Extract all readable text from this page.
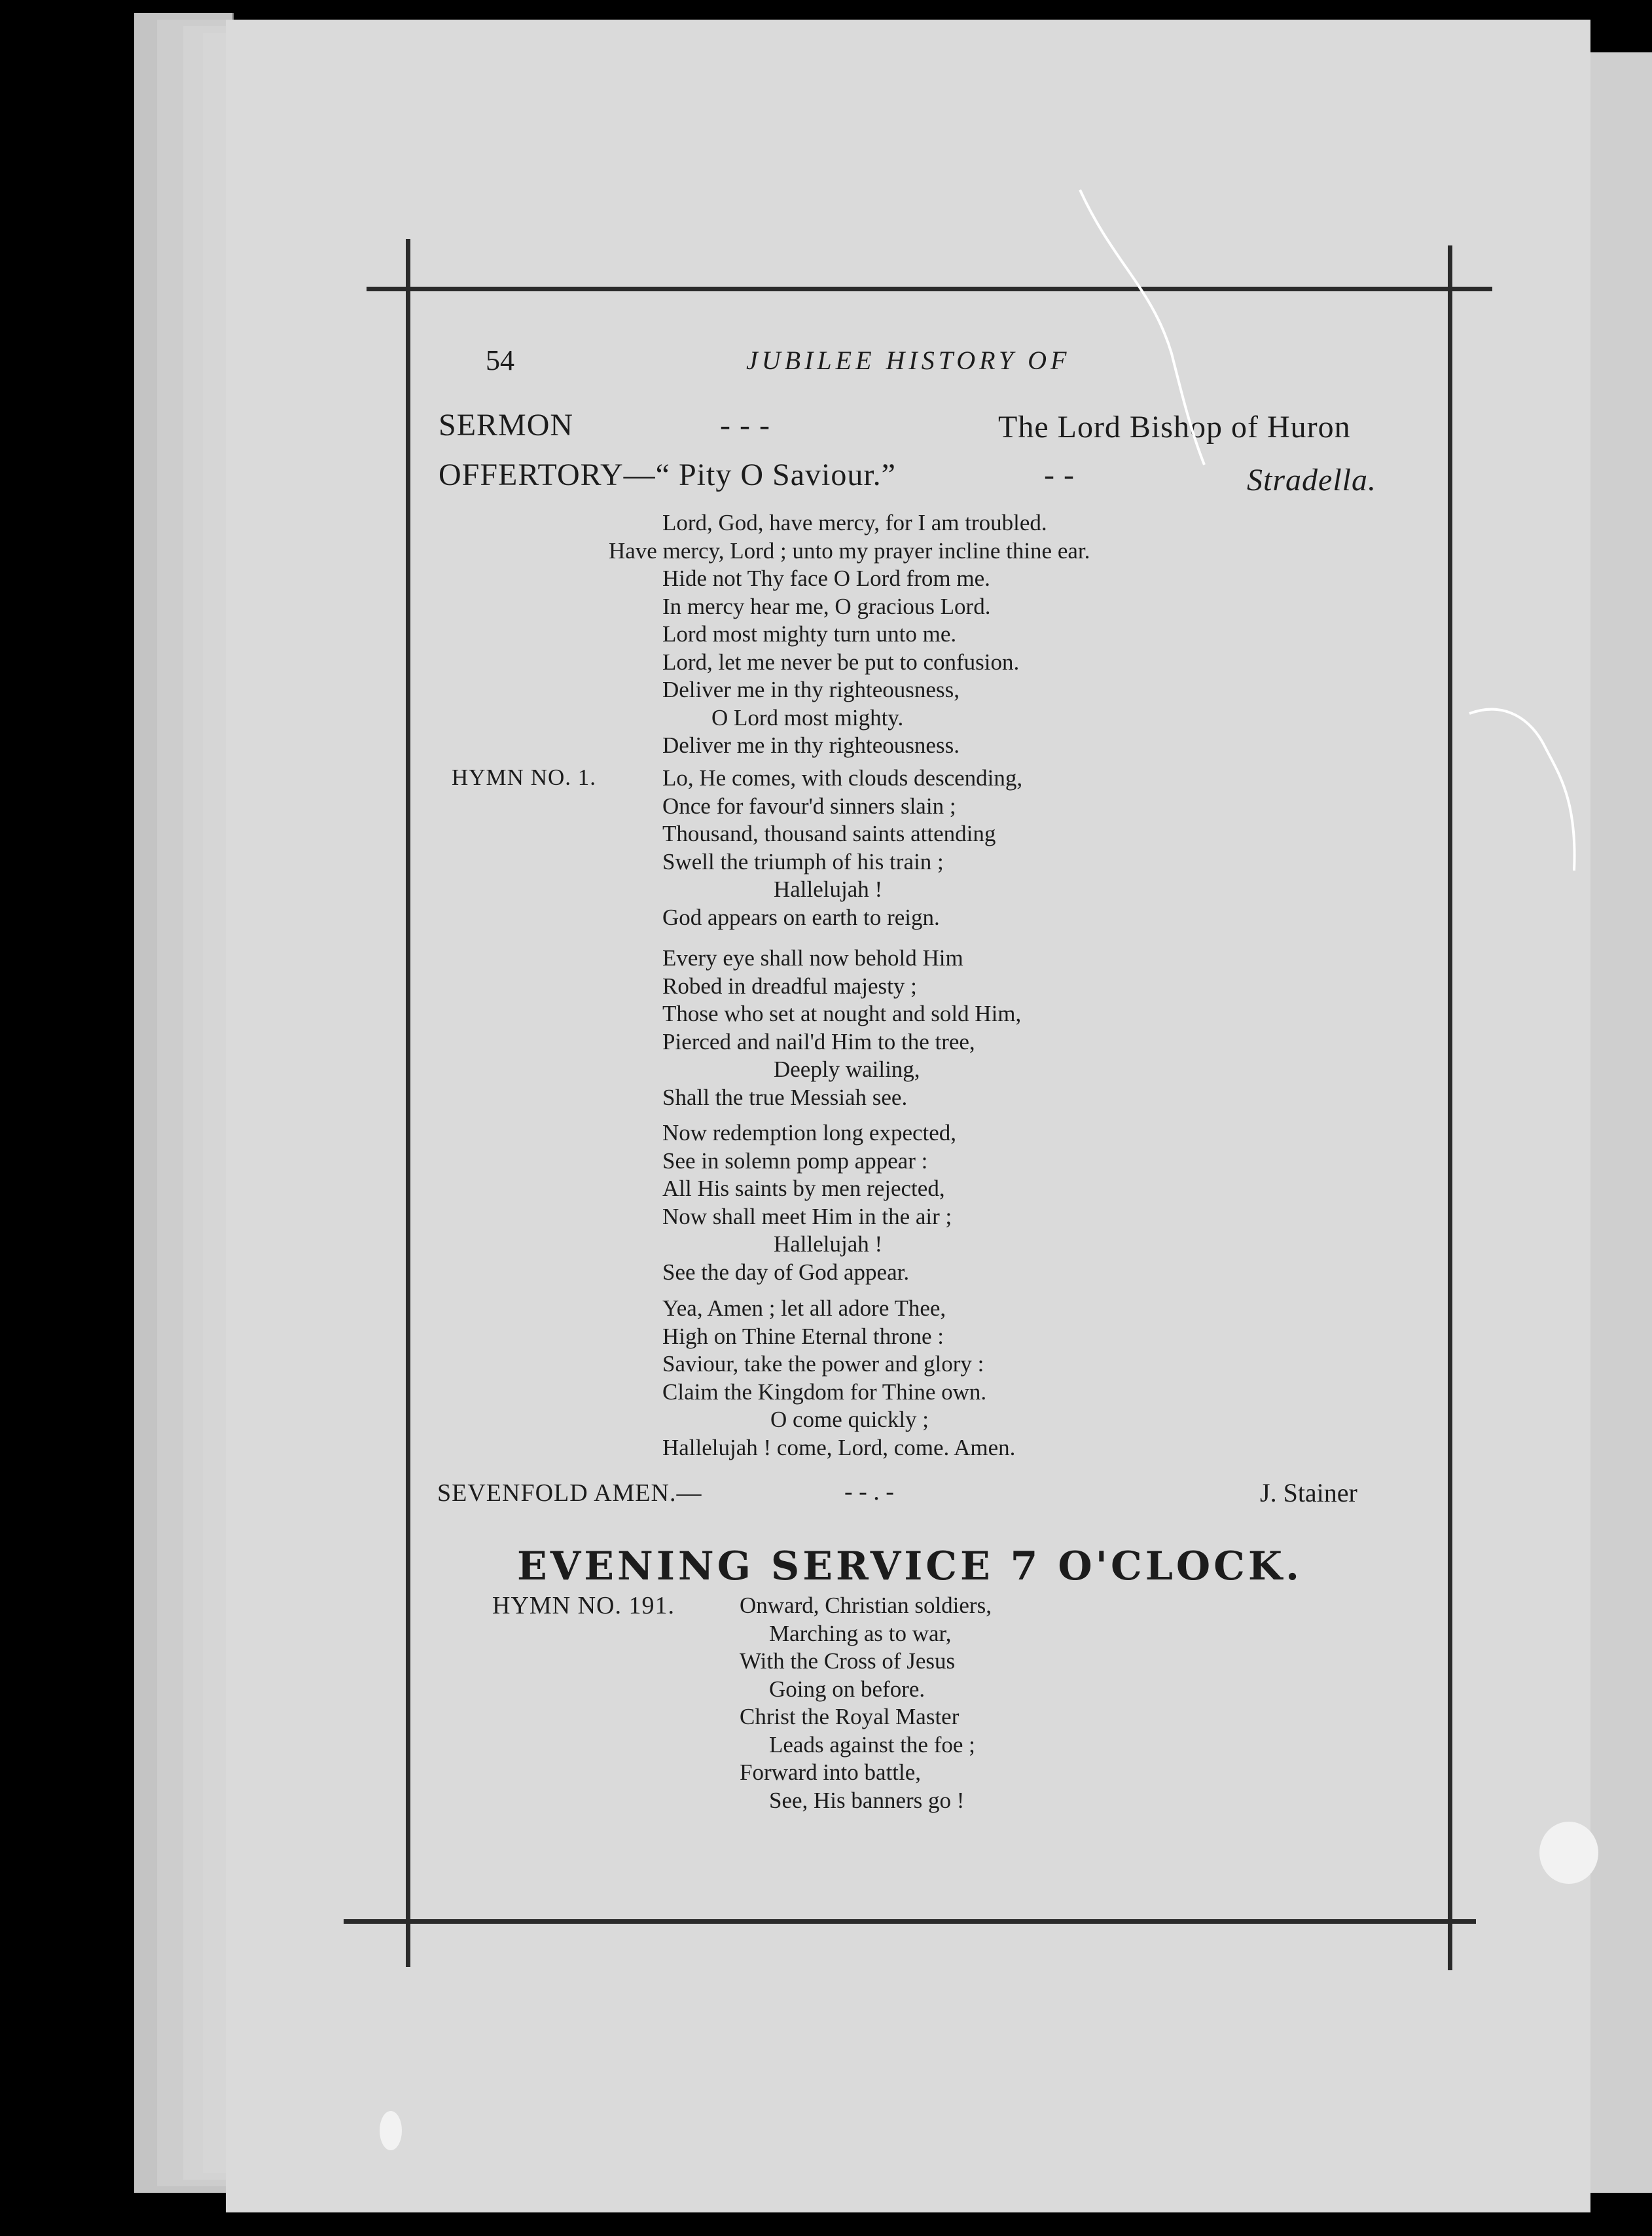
54	JUBILEE HISTORY OF
SERMON	- - -	The Lord Bishop of Huron
OFFERTORY—“ Pity O Saviour.”	- -	Stradella.
Lord, God, have mercy, for I am troubled.
Have mercy, Lord ; unto my prayer incline thine ear.
Hide not Thy face O Lord from me.
In mercy hear me, O gracious Lord.
Lord most mighty turn unto me.
Lord, let me never be put to confusion.
Deliver me in thy righteousness,
O Lord most mighty.
Deliver me in thy righteousness.
HYMN NO. 1.	Lo, He comes, with clouds descending,
Once for favour'd sinners slain ;
Thousand, thousand saints attending
Swell the triumph of his train ;
Hallelujah !
God appears on earth to reign.
Every eye shall now behold Him
Robed in dreadful majesty ;
Those who set at nought and sold Him,
Pierced and nail'd Him to the tree,
Deeply wailing,
Shall the true Messiah see.
Now redemption long expected,
See in solemn pomp appear :
All His saints by men rejected,
Now shall meet Him in the air ;
Hallelujah !
See the day of God appear.
Yea, Amen ; let all adore Thee,
High on Thine Eternal throne :
Saviour, take the power and glory :
Claim the Kingdom for Thine own.
O come quickly ;
Hallelujah ! come, Lord, come. Amen.
SEVENFOLD AMEN.—	- - . -	J. Stainer
EVENING SERVICE 7 O'CLOCK.
HYMN NO. 191.	Onward, Christian soldiers,
Marching as to war,
With the Cross of Jesus
Going on before.
Christ the Royal Master
Leads against the foe ;
Forward into battle,
See, His banners go !
